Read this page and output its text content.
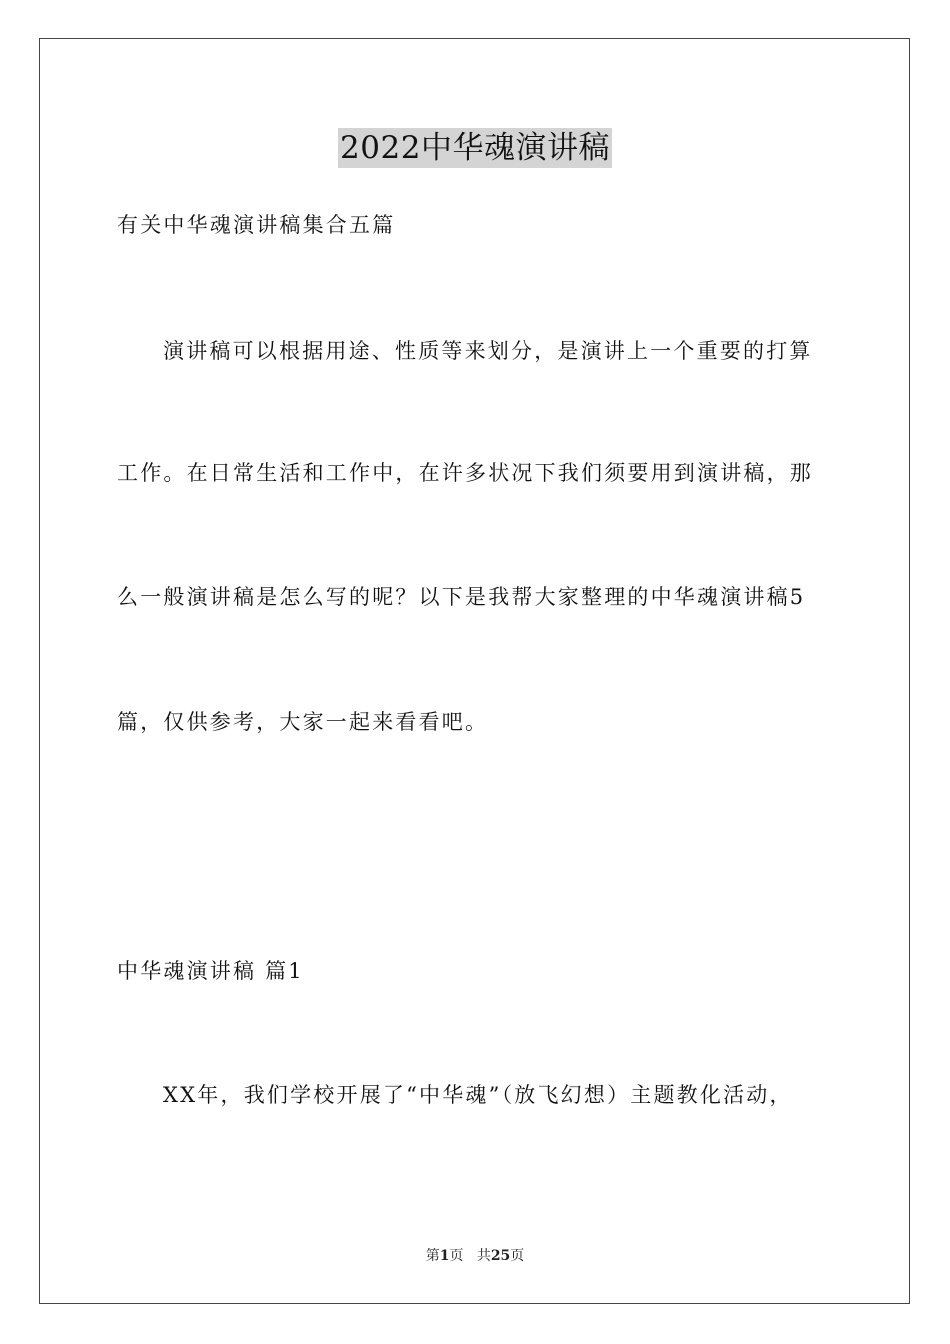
2022中华魂演讲稿
有关中华魂演讲稿集合五篇
演讲稿可以根据用途、性质等来划分，是演讲上一个重要的打算
工作。在日常生活和工作中，在许多状况下我们须要用到演讲稿，那
么一般演讲稿是怎么写的呢？以下是我帮大家整理的中华魂演讲稿5
篇，仅供参考，大家一起来看看吧。
中华魂演讲稿 篇1
XX年，我们学校开展了“中华魂”（放飞幻想）主题教化活动，
第1页 共25页
